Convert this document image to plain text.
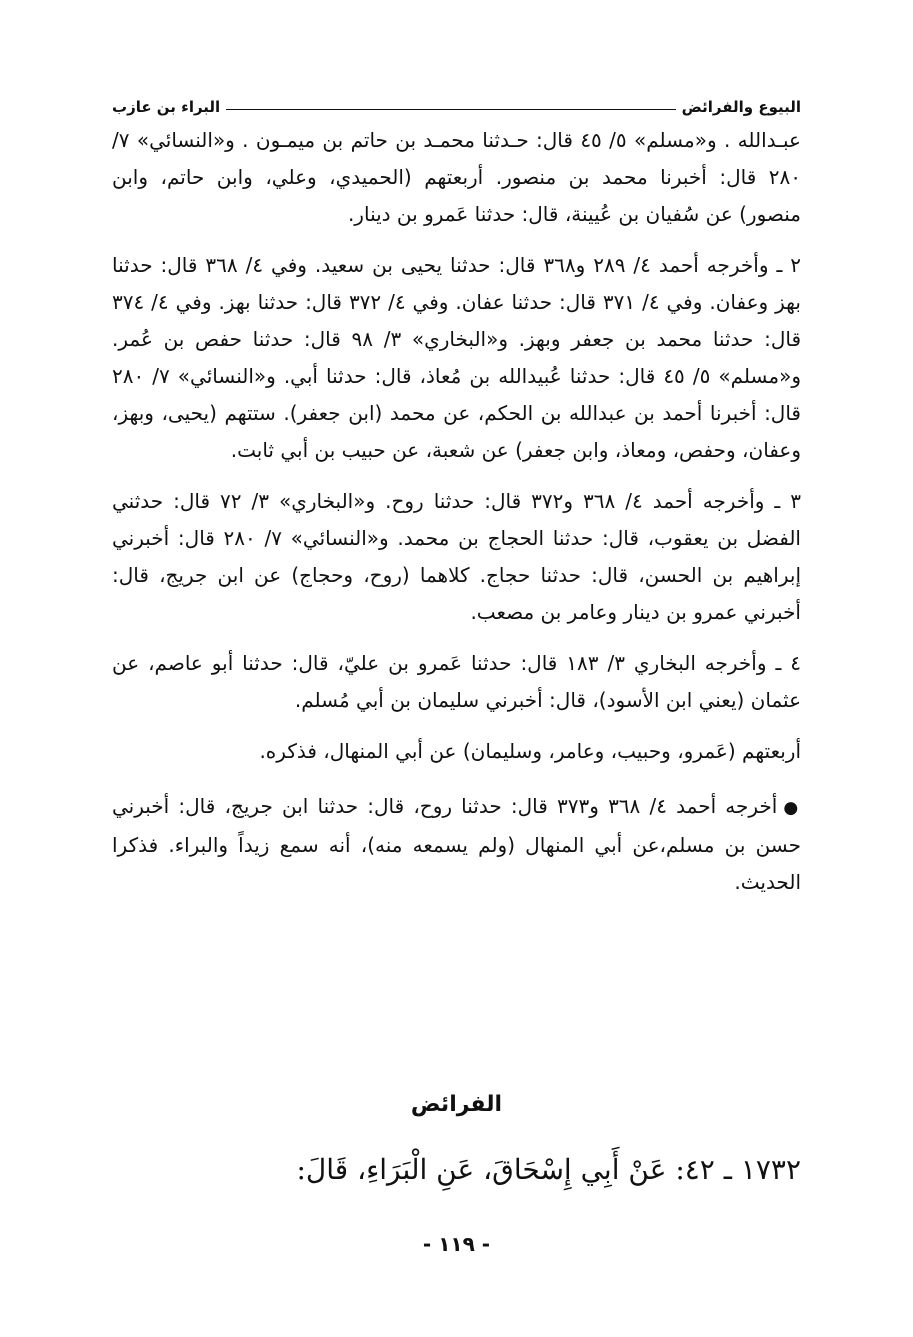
البيوع والفرائض
البراء بن عازب

عبـدالله . و«مسلم» ٥/ ٤٥ قال: حـدثنا محمـد بن حاتم بن ميمـون . و«النسائي» ٧/ ٢٨٠ قال: أخبرنا محمد بن منصور. أربعتهم (الحميدي، وعلي، وابن حاتم، وابن منصور) عن سُفيان بن عُيينة، قال: حدثنا عَمرو بن دينار.

٢ ـ وأخرجه أحمد ٤/ ٢٨٩ و٣٦٨ قال: حدثنا يحيى بن سعيد. وفي ٤/ ٣٦٨ قال: حدثنا بهز وعفان. وفي ٤/ ٣٧١ قال: حدثنا عفان. وفي ٤/ ٣٧٢ قال: حدثنا بهز. وفي ٤/ ٣٧٤ قال: حدثنا محمد بن جعفر وبهز. و«البخاري» ٣/ ٩٨ قال: حدثنا حفص بن عُمر. و«مسلم» ٥/ ٤٥ قال: حدثنا عُبيدالله بن مُعاذ، قال: حدثنا أبي. و«النسائي» ٧/ ٢٨٠ قال: أخبرنا أحمد بن عبدالله بن الحكم، عن محمد (ابن جعفر). ستتهم (يحيى، وبهز، وعفان، وحفص، ومعاذ، وابن جعفر) عن شعبة، عن حبيب بن أبي ثابت.

٣ ـ وأخرجه أحمد ٤/ ٣٦٨ و٣٧٢ قال: حدثنا روح. و«البخاري» ٣/ ٧٢ قال: حدثني الفضل بن يعقوب، قال: حدثنا الحجاج بن محمد. و«النسائي» ٧/ ٢٨٠ قال: أخبرني إبراهيم بن الحسن، قال: حدثنا حجاج. كلاهما (روح، وحجاج) عن ابن جريج، قال: أخبرني عمرو بن دينار وعامر بن مصعب.

٤ ـ وأخرجه البخاري ٣/ ١٨٣ قال: حدثنا عَمرو بن عليّ، قال: حدثنا أبو عاصم، عن عثمان (يعني ابن الأسود)، قال: أخبرني سليمان بن أبي مُسلم.

أربعتهم (عَمرو، وحبيب، وعامر، وسليمان) عن أبي المنهال، فذكره.

●أخرجه أحمد ٤/ ٣٦٨ و٣٧٣ قال: حدثنا روح، قال: حدثنا ابن جريج، قال: أخبرني حسن بن مسلم،عن أبي المنهال (ولم يسمعه منه)، أنه سمع زيداً والبراء. فذكرا الحديث.

الفرائض
١٧٣٢ ـ ٤٢: عَنْ أَبِي إِسْحَاقَ، عَنِ الْبَرَاءِ، قَالَ:
- ١١٩ -
